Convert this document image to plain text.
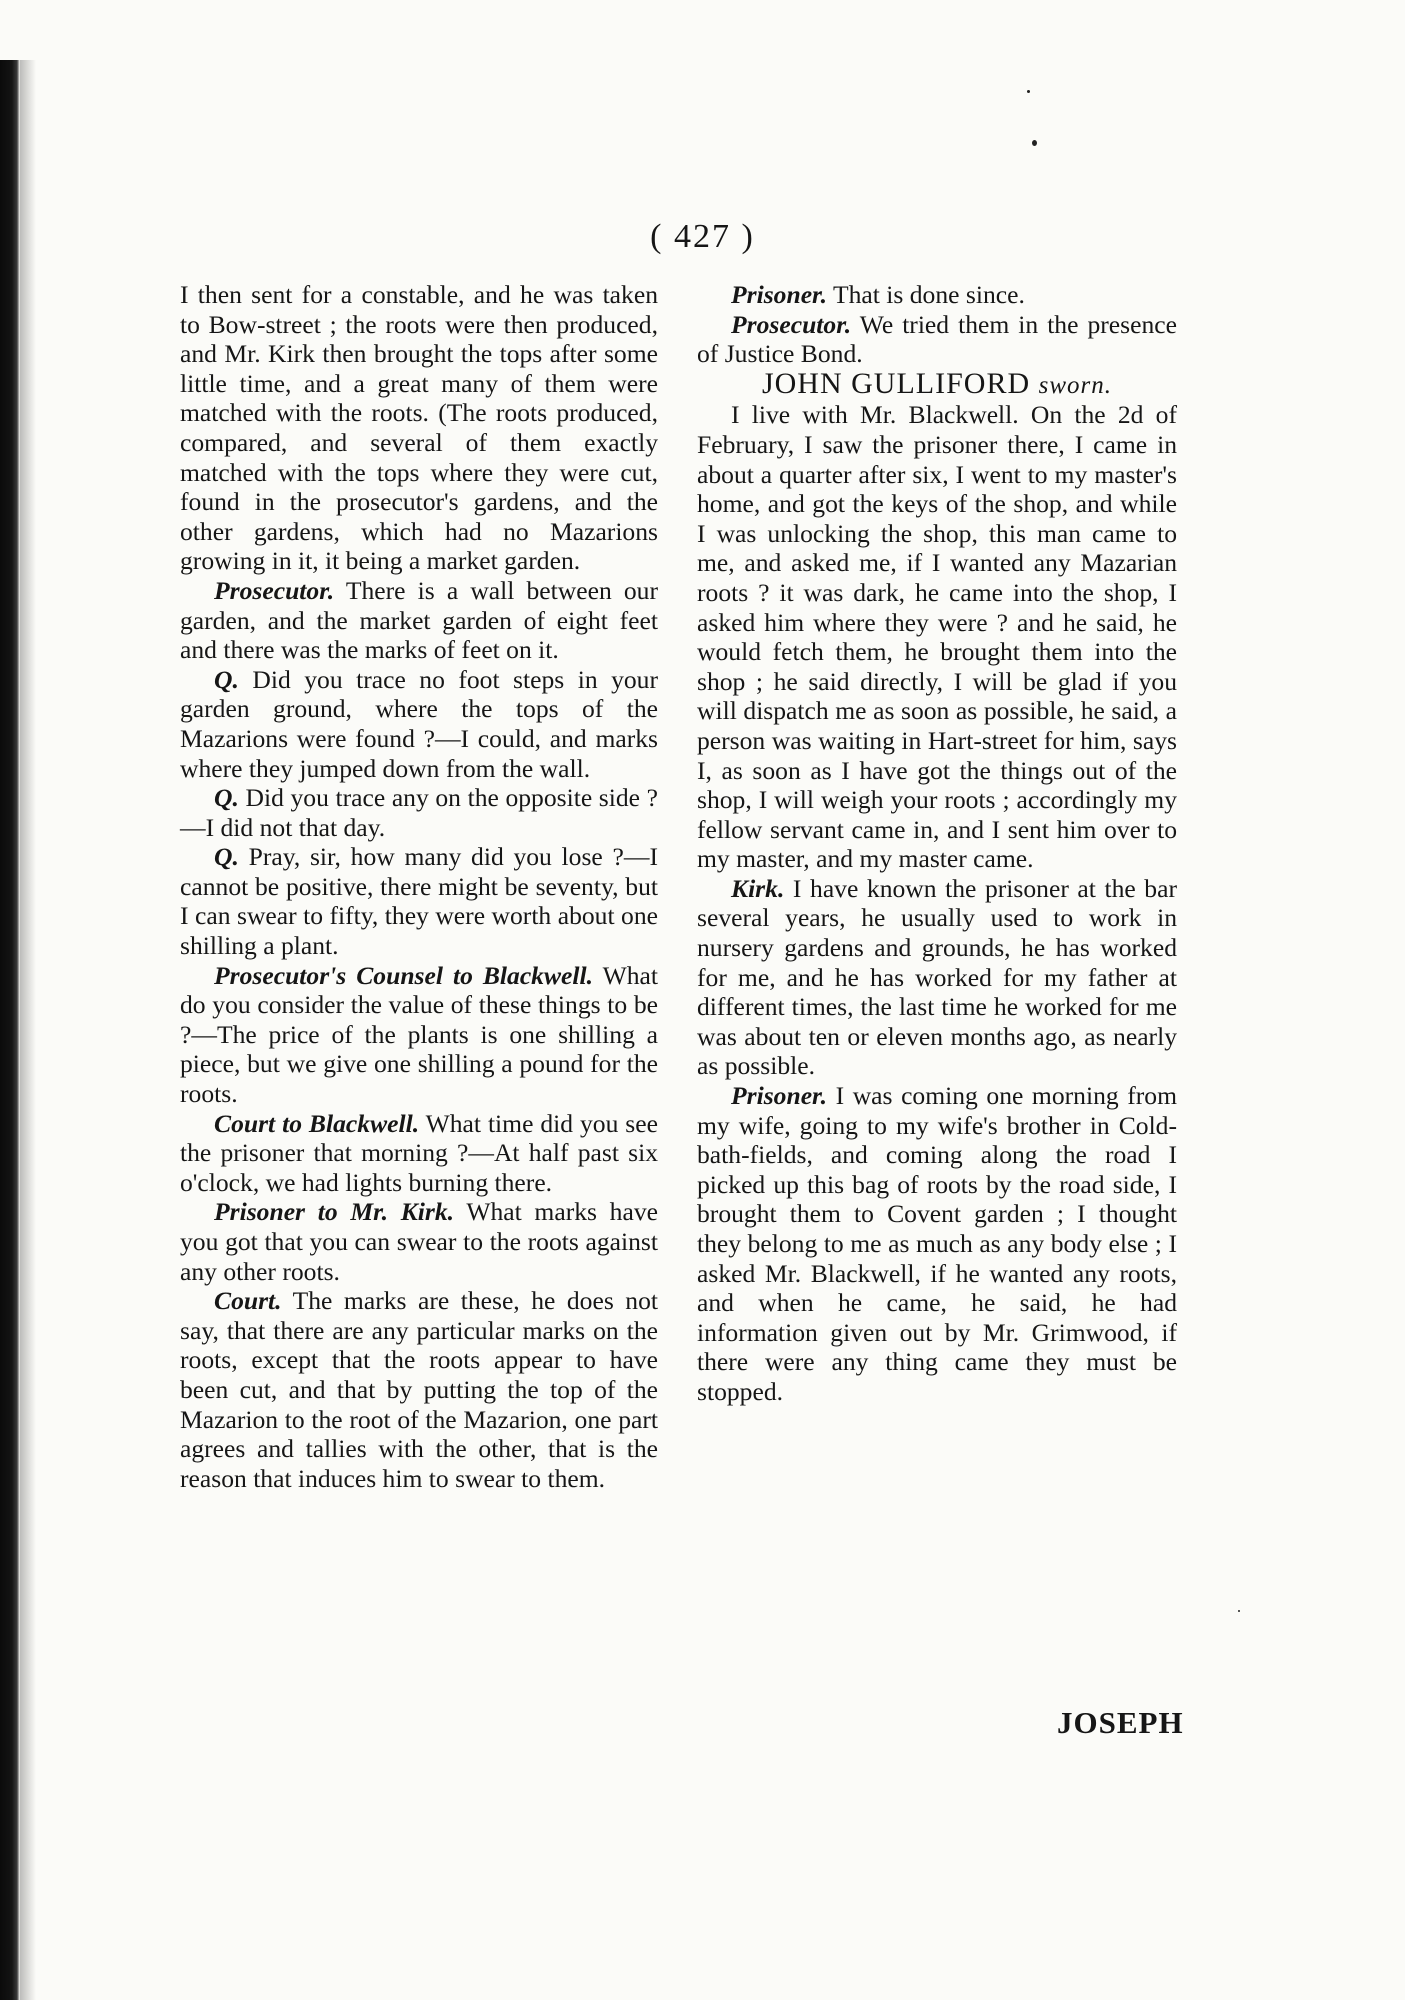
( 427 )

I then sent for a constable, and he was taken to Bow-street ; the roots were then produced, and Mr. Kirk then brought the tops after some little time, and a great many of them were matched with the roots. (The roots produced, compared, and several of them exactly matched with the tops where they were cut, found in the prosecutor's gardens, and the other gardens, which had no Mazarions growing in it, it being a market garden.

Prosecutor. There is a wall between our garden, and the market garden of eight feet and there was the marks of feet on it.

Q. Did you trace no foot steps in your garden ground, where the tops of the Mazarions were found ?—I could, and marks where they jumped down from the wall.

Q. Did you trace any on the opposite side ?—I did not that day.

Q. Pray, sir, how many did you lose ?—I cannot be positive, there might be seventy, but I can swear to fifty, they were worth about one shilling a plant.

Prosecutor's Counsel to Blackwell. What do you consider the value of these things to be ?—The price of the plants is one shilling a piece, but we give one shilling a pound for the roots.

Court to Blackwell. What time did you see the prisoner that morning ?—At half past six o'clock, we had lights burning there.

Prisoner to Mr. Kirk. What marks have you got that you can swear to the roots against any other roots.

Court. The marks are these, he does not say, that there are any particular marks on the roots, except that the roots appear to have been cut, and that by putting the top of the Mazarion to the root of the Mazarion, one part agrees and tallies with the other, that is the reason that induces him to swear to them.

Prisoner. That is done since.

Prosecutor. We tried them in the presence of Justice Bond.

JOHN GULLIFORD sworn.

I live with Mr. Blackwell. On the 2d of February, I saw the prisoner there, I came in about a quarter after six, I went to my master's home, and got the keys of the shop, and while I was unlocking the shop, this man came to me, and asked me, if I wanted any Mazarian roots ? it was dark, he came into the shop, I asked him where they were ? and he said, he would fetch them, he brought them into the shop ; he said directly, I will be glad if you will dispatch me as soon as possible, he said, a person was waiting in Hart-street for him, says I, as soon as I have got the things out of the shop, I will weigh your roots ; accordingly my fellow servant came in, and I sent him over to my master, and my master came.

Kirk. I have known the prisoner at the bar several years, he usually used to work in nursery gardens and grounds, he has worked for me, and he has worked for my father at different times, the last time he worked for me was about ten or eleven months ago, as nearly as possible.

Prisoner. I was coming one morning from my wife, going to my wife's brother in Cold-bath-fields, and coming along the road I picked up this bag of roots by the road side, I brought them to Covent garden ; I thought they belong to me as much as any body else ; I asked Mr. Blackwell, if he wanted any roots, and when he came, he said, he had information given out by Mr. Grimwood, if there were any thing came they must be stopped.

JOSEPH
